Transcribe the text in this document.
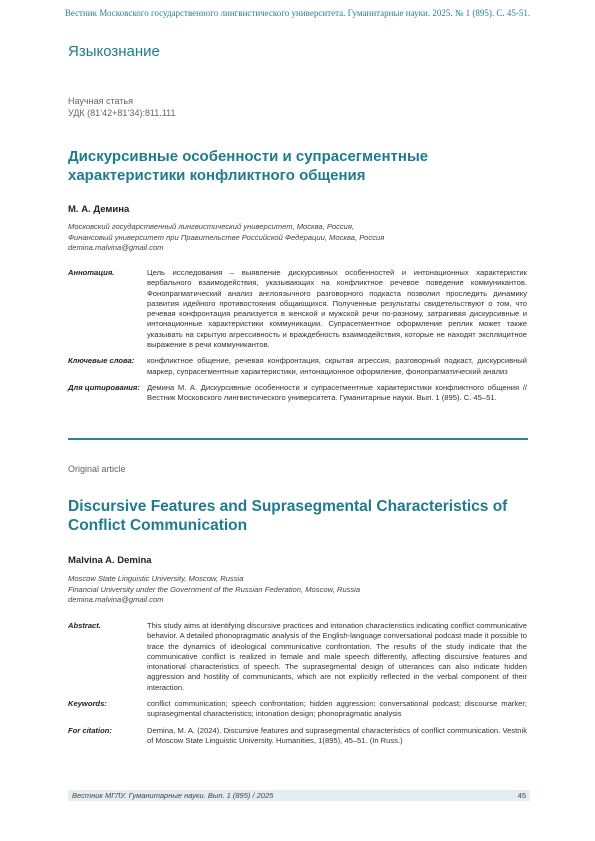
Вестник Московского государственного лингвистического университета. Гуманитарные науки. 2025. № 1 (895). С. 45-51.
Языкознание
Научная статья
УДК (81’42+81’34):811.111
Дискурсивные особенности и супрасегментные характеристики конфликтного общения
М. А. Демина
Московский государственный лингвистический университет, Москва, Россия,
Финансовый университет при Правительстве Российской Федерации, Москва, Россия
demina.malvina@gmail.com
Аннотация.	Цель исследования – выявление дискурсивных особенностей и интонационных характеристик вербального взаимодействия, указывающих на конфликтное речевое поведение коммуникантов. Фонопрагматический анализ англоязычного разговорного подкаста позволил проследить динамику развития идейного противостояния общающихся. Полученные результаты свидетельствуют о том, что речевая конфронтация реализуется в женской и мужской речи по-разному, затрагивая дискурсивные и интонационные характеристики коммуникации. Супрасегментное оформление реплик может также указывать на скрытую агрессивность и враждебность взаимодействия, которые не находят эксплицитное выражение в речи коммуникантов.
Ключевые слова:	конфликтное общение, речевая конфронтация, скрытая агрессия, разговорный подкаст, дискурсивный маркер, супрасегментные характеристики, интонационное оформление, фонопрагматический анализ
Для цитирования: Демина М. А. Дискурсивные особенности и супрасегментные характеристики конфликтного общения // Вестник Московского лингвистического университета. Гуманитарные науки. Вып. 1 (895). С. 45–51.
Original article
Discursive Features and Suprasegmental Characteristics of Conflict Communication
Malvina A. Demina
Moscow State Linguistic University, Moscow, Russia
Financial University under the Government of the Russian Federation, Moscow, Russia
demina.malvina@gmail.com
Abstract.	This study aims at identifying discursive practices and intonation characteristics indicating conflict communicative behavior. A detailed phonopragmatic analysis of the English-language conversational podcast made it possible to trace the dynamics of ideological communicative confrontation. The results of the study indicate that the communicative conflict is realized in female and male speech differently, affecting discursive features and intonational characteristics of speech. The suprasegmental design of utterances can also indicate hidden aggression and hostility of communicants, which are not explicitly reflected in the verbal component of their interaction.
Keywords:	conflict communication; speech confrontation; hidden aggression; conversational podcast; discourse marker; suprasegmental characteristics; intonation design; phonopragmatic analysis
For citation:	Demina, M. A. (2024). Discursive features and suprasegmental characteristics of conflict communication. Vestnik of Moscow State Linguistic University. Humanities, 1(895), 45–51. (In Russ.)
Вестник МГЛУ. Гуманитарные науки. Вып. 1 (895) / 2025	45
